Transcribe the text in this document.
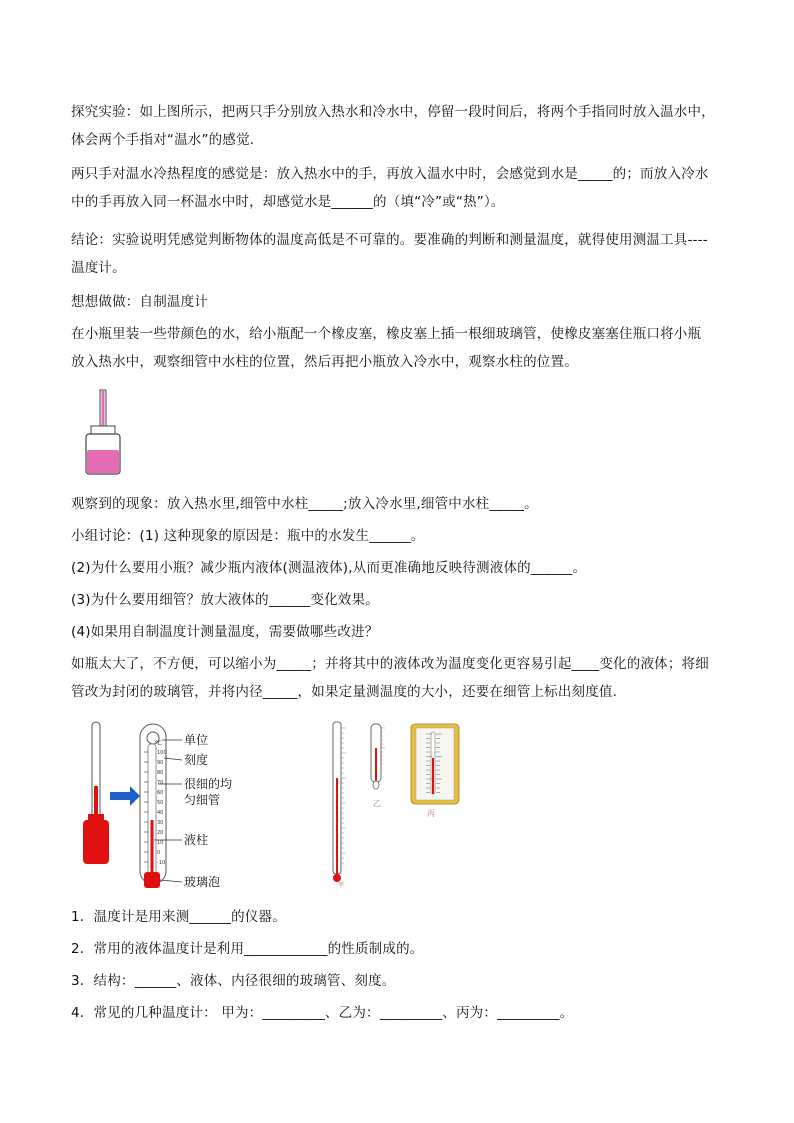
探究实验：如上图所示，把两只手分别放入热水和冷水中，停留一段时间后，将两个手指同时放入温水中，
体会两个手指对“温水”的感觉.

两只手对温水冷热程度的感觉是：放入热水中的手，再放入温水中时，会感觉到水是_____的；而放入冷水
中的手再放入同一杯温水中时，却感觉水是______的（填“冷”或“热”）。

结论：实验说明凭感觉判断物体的温度高低是不可靠的。要准确的判断和测量温度，就得使用测温工具----
温度计。

想想做做：自制温度计

在小瓶里装一些带颜色的水，给小瓶配一个橡皮塞，橡皮塞上插一根细玻璃管，使橡皮塞塞住瓶口将小瓶
放入热水中，观察细管中水柱的位置，然后再把小瓶放入冷水中，观察水柱的位置。

观察到的现象：放入热水里,细管中水柱_____;放入冷水里,细管中水柱_____。

小组讨论：(1) 这种现象的原因是：瓶中的水发生______。

(2)为什么要用小瓶？减少瓶内液体(测温液体),从而更准确地反映待测液体的______。

(3)为什么要用细管？放大液体的______变化效果。

(4)如果用自制温度计测量温度，需要做哪些改进？

如瓶太大了，不方便，可以缩小为_____；并将其中的液体改为温度变化更容易引起____变化的液体；将细
管改为封闭的玻璃管，并将内径_____，如果定量测温度的大小，还要在细管上标出刻度值.

100
90
80
70
60
50
40
30
20
10
0
-10
℃ 单位
刻度
很细的均
匀细管
液柱
玻璃泡	甲
乙
丙

1．温度计是用来测______的仪器。

2．常用的液体温度计是利用____________的性质制成的。

3．结构：______、液体、内径很细的玻璃管、刻度。

4．常见的几种温度计： 甲为：_________、乙为：_________、丙为：_________。
